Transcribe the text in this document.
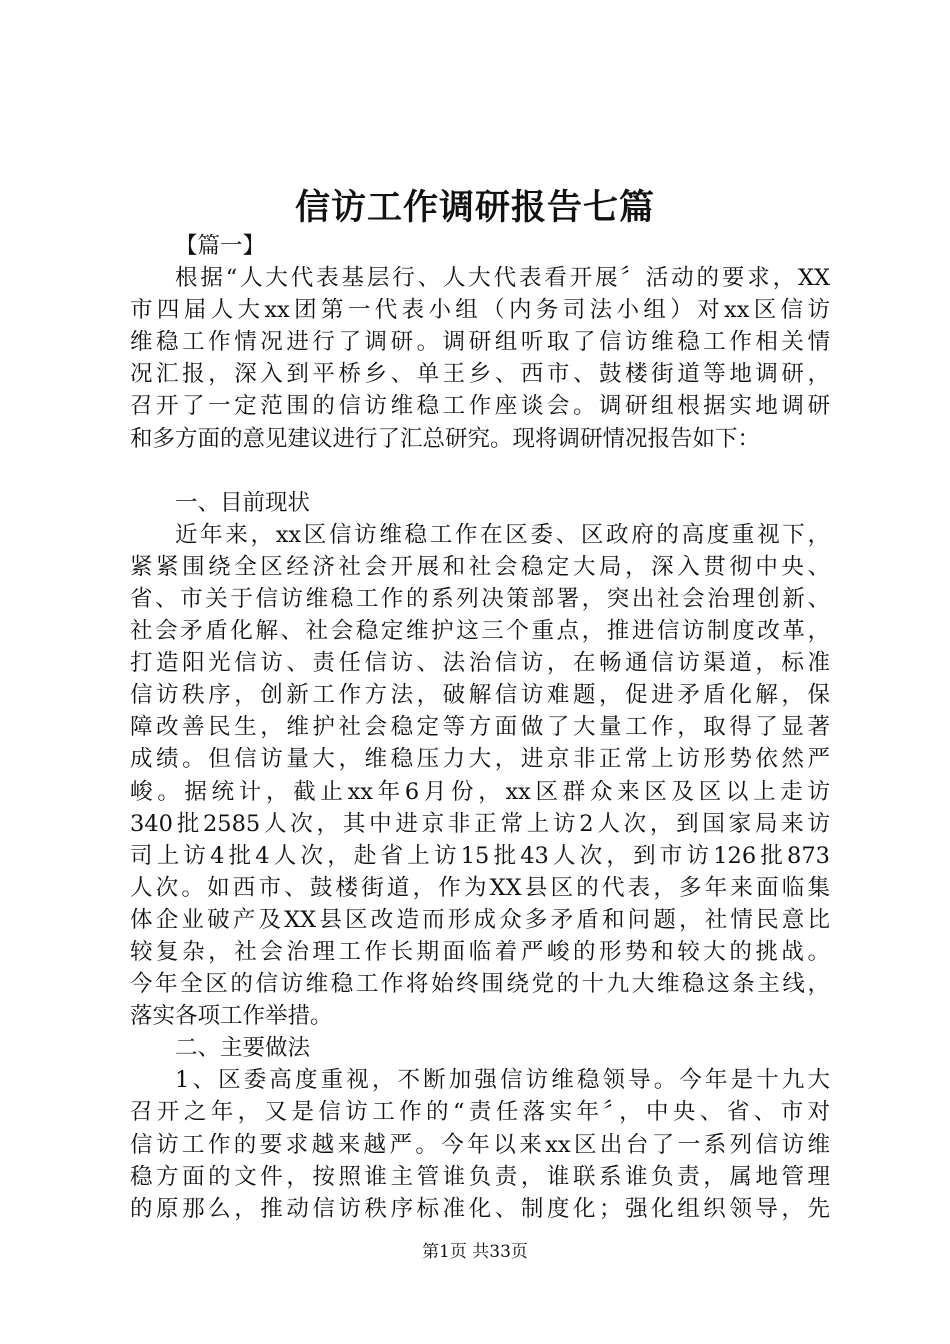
信访工作调研报告七篇
【篇一】
根据“人大代表基层行、人大代表看开展〞活动的要求，XX
市四届人大xx团第一代表小组（内务司法小组）对xx区信访
维稳工作情况进行了调研。调研组听取了信访维稳工作相关情
况汇报，深入到平桥乡、单王乡、西市、鼓楼街道等地调研，
召开了一定范围的信访维稳工作座谈会。调研组根据实地调研
和多方面的意见建议进行了汇总研究。现将调研情况报告如下：
一、目前现状
近年来，xx区信访维稳工作在区委、区政府的高度重视下，
紧紧围绕全区经济社会开展和社会稳定大局，深入贯彻中央、
省、市关于信访维稳工作的系列决策部署，突出社会治理创新、
社会矛盾化解、社会稳定维护这三个重点，推进信访制度改革，
打造阳光信访、责任信访、法治信访，在畅通信访渠道，标准
信访秩序，创新工作方法，破解信访难题，促进矛盾化解，保
障改善民生，维护社会稳定等方面做了大量工作，取得了显著
成绩。但信访量大，维稳压力大，进京非正常上访形势依然严
峻。据统计，截止xx年6月份，xx区群众来区及区以上走访
340批2585人次，其中进京非正常上访2人次，到国家局来访
司上访4批4人次，赴省上访15批43人次，到市访126批873
人次。如西市、鼓楼街道，作为XX县区的代表，多年来面临集
体企业破产及XX县区改造而形成众多矛盾和问题，社情民意比
较复杂，社会治理工作长期面临着严峻的形势和较大的挑战。
今年全区的信访维稳工作将始终围绕党的十九大维稳这条主线，
落实各项工作举措。
二、主要做法
1、区委高度重视，不断加强信访维稳领导。今年是十九大
召开之年，又是信访工作的“责任落实年〞，中央、省、市对
信访工作的要求越来越严。今年以来xx区出台了一系列信访维
稳方面的文件，按照谁主管谁负责，谁联系谁负责，属地管理
的原那么，推动信访秩序标准化、制度化；强化组织领导，先
第1页 共33页
